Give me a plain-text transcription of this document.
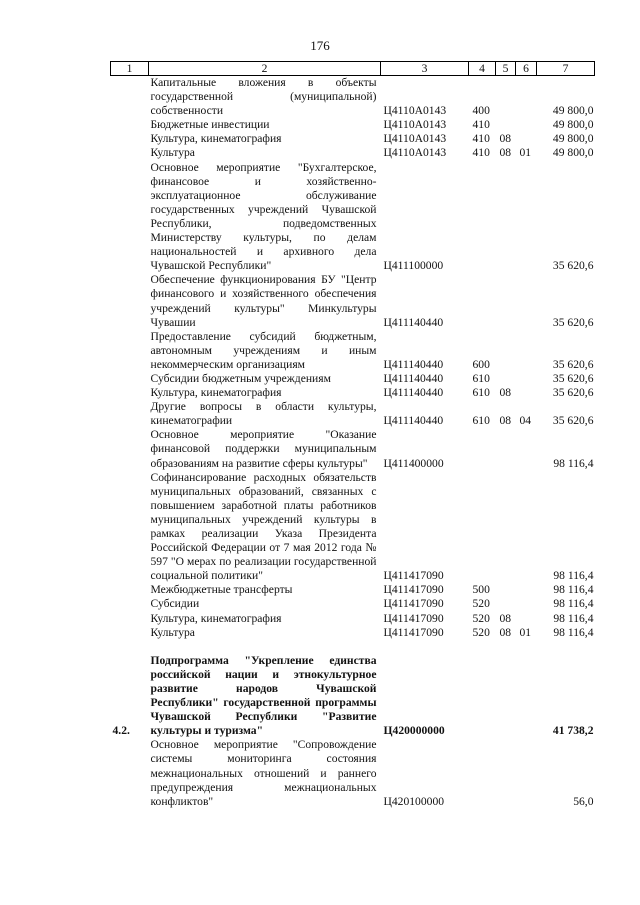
176
1	2	3	4	5	6	7
	Капитальные вложения в объекты государственной (муниципальной) собственности	Ц4110А0143	400			49 800,0
	Бюджетные инвестиции	Ц4110А0143	410			49 800,0
	Культура, кинематография	Ц4110А0143	410	08		49 800,0
	Культура	Ц4110А0143	410	08	01	49 800,0
	Основное мероприятие "Бухгалтерское, финансовое и хозяйственно-эксплуатационное обслуживание государственных учреждений Чувашской Республики, подведомственных Министерству культуры, по делам национальностей и архивного дела Чувашской Республики"	Ц411100000				35 620,6
	Обеспечение функционирования БУ "Центр финансового и хозяйственного обеспечения учреждений культуры" Минкультуры Чувашии	Ц411140440				35 620,6
	Предоставление субсидий бюджетным, автономным учреждениям и иным некоммерческим организациям	Ц411140440	600			35 620,6
	Субсидии бюджетным учреждениям	Ц411140440	610			35 620,6
	Культура, кинематография	Ц411140440	610	08		35 620,6
	Другие вопросы в области культуры, кинематографии	Ц411140440	610	08	04	35 620,6
	Основное мероприятие "Оказание финансовой поддержки муниципальным образованиям на развитие сферы культуры"	Ц411400000				98 116,4
	Софинансирование расходных обязательств муниципальных образований, связанных с повышением заработной платы работников муниципальных учреждений культуры в рамках реализации Указа Президента Российской Федерации от 7 мая 2012 года № 597 "О мерах по реализации государственной социальной политики"	Ц411417090				98 116,4
	Межбюджетные трансферты	Ц411417090	500			98 116,4
	Субсидии	Ц411417090	520			98 116,4
	Культура, кинематография	Ц411417090	520	08		98 116,4
	Культура	Ц411417090	520	08	01	98 116,4

4.2.	Подпрограмма "Укрепление единства российской нации и этнокультурное развитие народов Чувашской Республики" государственной программы Чувашской Республики "Развитие культуры и туризма"	Ц420000000				41 738,2
	Основное мероприятие "Сопровождение системы мониторинга состояния межнациональных отношений и раннего предупреждения межнациональных конфликтов"	Ц420100000				56,0
